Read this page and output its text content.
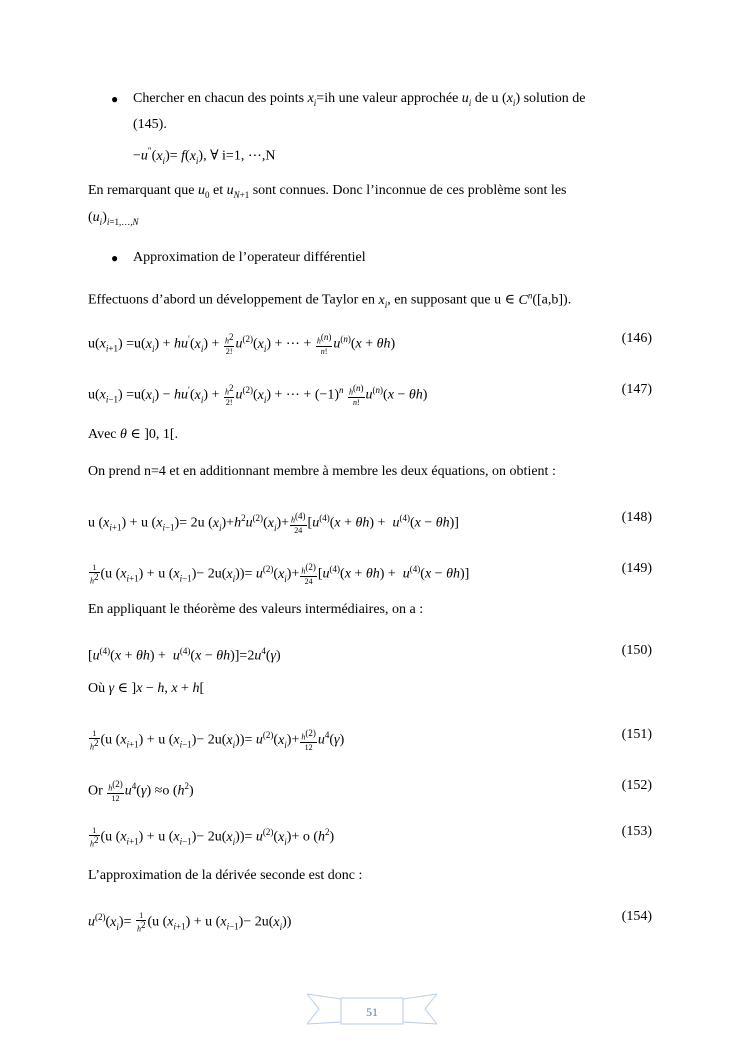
● Chercher en chacun des points $x_i=ih$ une valeur approchée $u_i$ de u $(x_i)$ solution de
(145).
$-u''(x_i)= f(x_i)$, ∀ i=1, ⋯,N
En remarquant que $u_0$ et $u_{N+1}$ sont connues. Donc l’inconnue de ces problème sont les
$(u_i)_{i=1,\dots,N}$
● Approximation de l’operateur différentiel
Effectuons d’abord un développement de Taylor en $x_i$, en supposant que u ∈ $C^n([a,b])$.
$u(x_{i+1}) =u(x_i) + hu'(x_i) + \frac{h^2}{2!} u^{(2)}(x_i)$ + ⋯ + $\frac{h^{(n)}}{n!} u^{(n)}(x + \theta h)$	(146)
$u(x_{i-1}) =u(x_i) - hu'(x_i) + \frac{h^2}{2!} u^{(2)}(x_i)$ + ⋯ + $(-1)^n \frac{h^{(n)}}{n!} u^{(n)}(x - \theta h)$	(147)
Avec θ ∈ ]0, 1[.
On prend n=4 et en additionnant membre à membre les deux équations, on obtient :
u $(x_{i+1}) + u$ $(x_{i-1})= 2u$ $(x_i)+h^2u^{(2)}(x_i)+ \frac{h^{(4)}}{24} [u^{(4)}(x + \theta h) + u^{(4)}(x - \theta h)]$	(148)
$\frac{1}{h^2} (u$ $(x_{i+1}) + u$ $(x_{i-1})- 2u(x_i))= u^{(2)}(x_i)+ \frac{h^{(2)}}{24} [u^{(4)}(x + \theta h) + u^{(4)}(x - \theta h)]$	(149)
En appliquant le théorème des valeurs intermédiaires, on a :
$[u^{(4)}(x + \theta h) + u^{(4)}(x - \theta h)]=2u^4(\gamma)$	(150)
Où γ ∈ ]x − h, x + h[
$\frac{1}{h^2} (u$ $(x_{i+1}) + u$ $(x_{i-1})- 2u(x_i))= u^{(2)}(x_i)+ \frac{h^{(2)}}{12} u^4(\gamma)$	(151)
Or $\frac{h^{(2)}}{12} u^4(\gamma) \approx o$ $(h^2)$	(152)
$\frac{1}{h^2} (u$ $(x_{i+1}) + u$ $(x_{i-1})- 2u(x_i))= u^{(2)}(x_i)+ o$ $(h^2)$	(153)
L’approximation de la dérivée seconde est donc :
$u^{(2)}(x_i)= \frac{1}{h^2} (u$ $(x_{i+1}) + u$ $(x_{i-1})- 2u(x_i)$)	(154)
51
